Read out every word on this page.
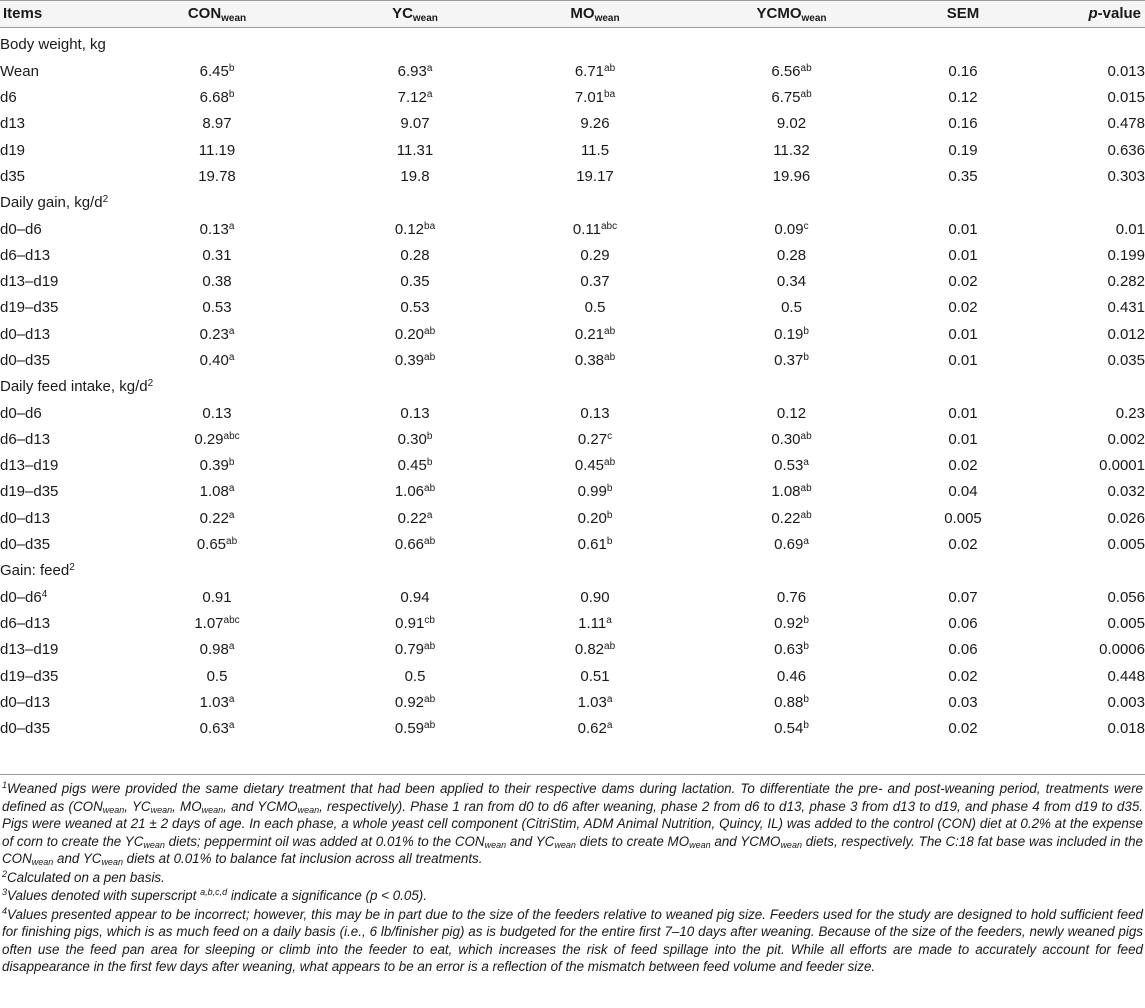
Items	$CON_{wean}$	$YC_{wean}$	$MO_{wean}$	$YCMO_{wean}$	SEM	p-value
Body weight, kg						
Wean	6.45$^b$	6.93$^a$	6.71$^{ab}$	6.56$^{ab}$	0.16	0.013
d6	6.68$^b$	7.12$^a$	7.01$^{ba}$	6.75$^{ab}$	0.12	0.015
d13	8.97	9.07	9.26	9.02	0.16	0.478
d19	11.19	11.31	11.5	11.32	0.19	0.636
d35	19.78	19.8	19.17	19.96	0.35	0.303
Daily gain, $kg/d^2$
d0–d6	0.13$^a$	0.12$^{ba}$	0.11$^{abc}$	0.09$^c$	0.01	0.01
d6–d13	0.31	0.28	0.29	0.28	0.01	0.199
d13–d19	0.38	0.35	0.37	0.34	0.02	0.282
d19–d35	0.53	0.53	0.5	0.5	0.02	0.431
d0–d13	0.23$^a$	0.20$^{ab}$	0.21$^{ab}$	0.19$^b$	0.01	0.012
d0–d35	0.40$^a$	0.39$^{ab}$	0.38$^{ab}$	0.37$^b$	0.01	0.035
Daily feed intake, $kg/d^2$
d0–d6	0.13	0.13	0.13	0.12	0.01	0.23
d6–d13	0.29$^{abc}$	0.30$^b$	0.27$^c$	0.30$^{ab}$	0.01	0.002
d13–d19	0.39$^b$	0.45$^b$	0.45$^{ab}$	0.53$^a$	0.02	0.0001
d19–d35	1.08$^a$	1.06$^{ab}$	0.99$^b$	1.08$^{ab}$	0.04	0.032
d0–d13	0.22$^a$	0.22$^a$	0.20$^b$	0.22$^{ab}$	0.005	0.026
d0–d35	0.65$^{ab}$	0.66$^{ab}$	0.61$^b$	0.69$^a$	0.02	0.005
Gain: feed$^2$
$d0-d6^4$	0.91	0.94	0.90	0.76	0.07	0.056
d6–d13	1.07$^{abc}$	0.91$^{cb}$	1.11$^a$	0.92$^b$	0.06	0.005
d13–d19	0.98$^a$	0.79$^{ab}$	0.82$^{ab}$	0.63$^b$	0.06	0.0006
d19–d35	0.5	0.5	0.51	0.46	0.02	0.448
d0–d13	1.03$^a$	0.92$^{ab}$	1.03$^a$	0.88$^b$	0.03	0.003
d0–d35	0.63$^a$	0.59$^{ab}$	0.62$^a$	0.54$^b$	0.02	0.018

$^1$Weaned pigs were provided the same dietary treatment that had been applied to their respective dams during lactation. To differentiate the pre- and post-weaning period, treatments were defined as (CONwean, YCwean, MOwean, and YCMOwean, respectively). Phase 1 ran from d0 to d6 after weaning, phase 2 from d6 to d13, phase 3 from d13 to d19, and phase 4 from d19 to d35. Pigs were weaned at 21 ± 2 days of age. In each phase, a whole yeast cell component (CitriStim, ADM Animal Nutrition, Quincy, IL) was added to the control (CON) diet at 0.2% at the expense of corn to create the YCwean diets; peppermint oil was added at 0.01% to the CONwean and YCwean diets to create MOwean and YCMOwean diets, respectively. The C:18 fat base was included in the CONwean and YCwean diets at 0.01% to balance fat inclusion across all treatments.

$^2$Calculated on a pen basis.

$^3$Values denoted with superscript $^{a,b,c,d}$ indicate a significance (p < 0.05).

$^4$Values presented appear to be incorrect; however, this may be in part due to the size of the feeders relative to weaned pig size. Feeders used for the study are designed to hold sufficient feed for finishing pigs, which is as much feed on a daily basis (i.e., 6 lb/finisher pig) as is budgeted for the entire first 7–10 days after weaning. Because of the size of the feeders, newly weaned pigs often use the feed pan area for sleeping or climb into the feeder to eat, which increases the risk of feed spillage into the pit. While all efforts are made to accurately account for feed disappearance in the first few days after weaning, what appears to be an error is a reflection of the mismatch between feed volume and feeder size.
